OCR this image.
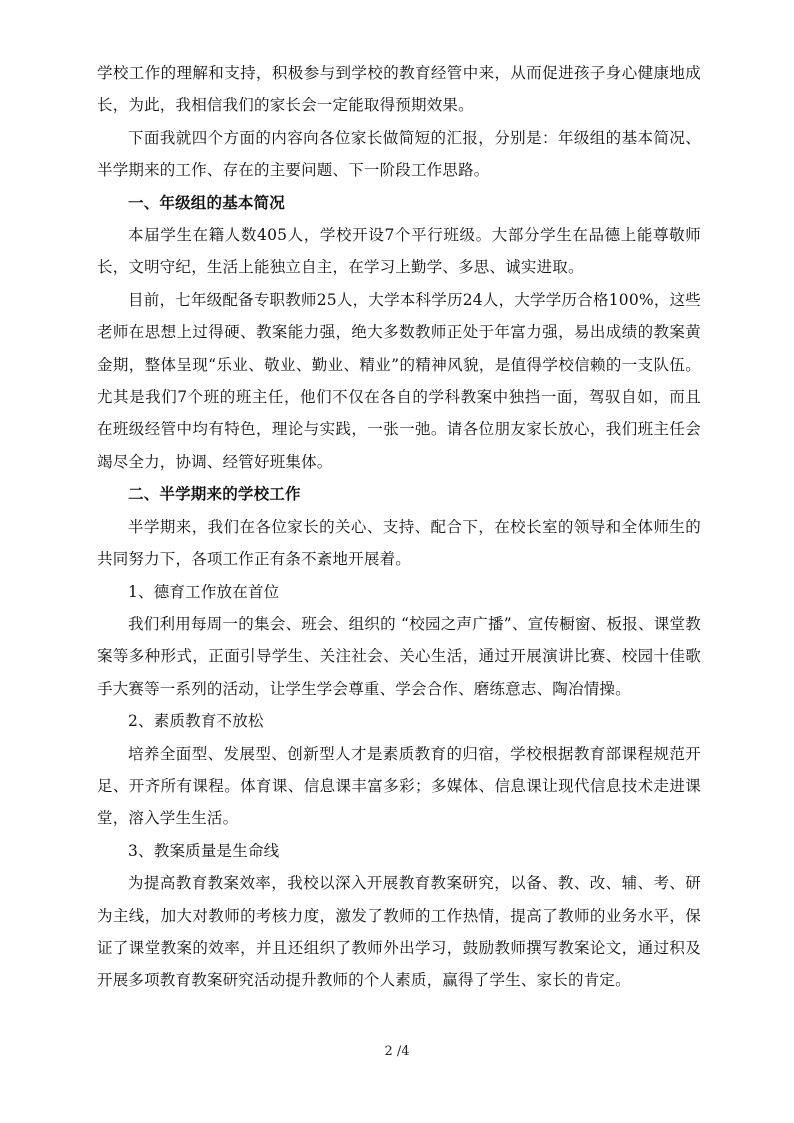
学校工作的理解和支持，积极参与到学校的教育经管中来，从而促进孩子身心健康地成长，为此，我相信我们的家长会一定能取得预期效果。

下面我就四个方面的内容向各位家长做简短的汇报，分别是：年级组的基本简况、半学期来的工作、存在的主要问题、下一阶段工作思路。

一、年级组的基本简况

本届学生在籍人数405人，学校开设7个平行班级。大部分学生在品德上能尊敬师长，文明守纪，生活上能独立自主，在学习上勤学、多思、诚实进取。

目前，七年级配备专职教师25人，大学本科学历24人，大学学历合格100%，这些老师在思想上过得硬、教案能力强，绝大多数教师正处于年富力强，易出成绩的教案黄金期，整体呈现“乐业、敬业、勤业、精业”的精神风貌，是值得学校信赖的一支队伍。尤其是我们7个班的班主任，他们不仅在各自的学科教案中独挡一面，驾驭自如，而且在班级经管中均有特色，理论与实践，一张一弛。请各位朋友家长放心，我们班主任会竭尽全力，协调、经管好班集体。

二、半学期来的学校工作

半学期来，我们在各位家长的关心、支持、配合下，在校长室的领导和全体师生的共同努力下，各项工作正有条不紊地开展着。

1、德育工作放在首位

我们利用每周一的集会、班会、组织的 “校园之声广播”、宣传橱窗、板报、课堂教案等多种形式，正面引导学生、关注社会、关心生活，通过开展演讲比赛、校园十佳歌手大赛等一系列的活动，让学生学会尊重、学会合作、磨练意志、陶冶情操。

2、素质教育不放松

培养全面型、发展型、创新型人才是素质教育的归宿，学校根据教育部课程规范开足、开齐所有课程。体育课、信息课丰富多彩；多媒体、信息课让现代信息技术走进课堂，溶入学生生活。

3、教案质量是生命线

为提高教育教案效率，我校以深入开展教育教案研究，以备、教、改、辅、考、研为主线，加大对教师的考核力度，激发了教师的工作热情，提高了教师的业务水平，保证了课堂教案的效率，并且还组织了教师外出学习，鼓励教师撰写教案论文，通过积及开展多项教育教案研究活动提升教师的个人素质，赢得了学生、家长的肯定。

2 /4
